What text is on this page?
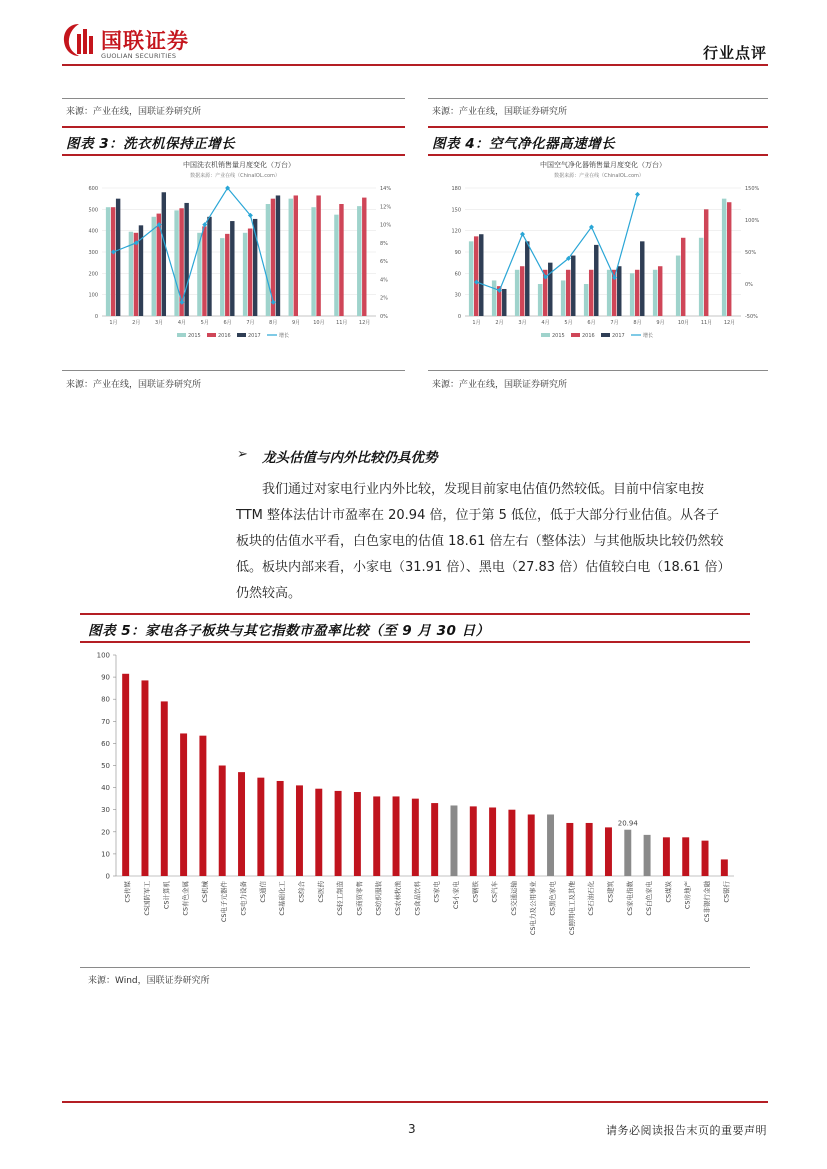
国联证券
GUOLIAN SECURITIES	行业点评
来源：产业在线，国联证券研究所	来源：产业在线，国联证券研究所
图表 3：洗衣机保持正增长
中国洗衣机销售量月度变化（万台）
数据来源：产业在线（ChinaIOL.com）
0
100
200
300
400
500
600
0%
2%
4%
6%
8%
10%
12%
14%
1月	2月	3月	4月	5月	6月	7月	8月	9月	10月 11月 12月
2015	2016	2017	增长
来源：产业在线，国联证券研究所
图表 4：空气净化器高速增长
中国空气净化器销售量月度变化（万台）
数据来源：产业在线（ChinaIOL.com）
0
30
60
90
120
150
180
-50%
0%
50%
100%
150%
1月	2月	3月	4月	5月	6月	7月	8月	9月	10月 11月 12月
2015	2016	2017	增长
来源：产业在线，国联证券研究所
➢ 龙头估值与内外比较仍具优势
我们通过对家电行业内外比较，发现目前家电估值仍然较低。目前中信家电按
TTM 整体法估计市盈率在 20.94 倍，位于第 5 低位，低于大部分行业估值。从各子
板块的估值水平看，白色家电的估值 18.61 倍左右（整体法）与其他版块比较仍然较
低。板块内部来看，小家电（31.91 倍）、黑电（27.83 倍）估值较白电（18.61 倍）
仍然较高。
图表 5：家电各子板块与其它指数市盈率比较（至 9 月 30 日）
0
10
20
30
40
50
60
70
80
90
100
CS传媒 CS国防军工 CS计算机 CS有色金属 CS机械 CS电子元器件 CS电力设备 CS通信 CS基础化工 CS综合 CS医药 CS轻工制造 CS商贸零售 CS纺织服装 CS农林牧渔 CS食品饮料 CS家电 CS小家电 CS钢铁 CS汽车 CS交通运输 CS电力及公用事业 CS黑色家电 CS照明电工及其他 CS石油石化 CS建筑 CS家电指数
20.94
CS白色家电 CS煤炭 CS房地产 CS非银行金融 CS银行
来源：Wind，国联证券研究所
3	请务必阅读报告末页的重要声明
